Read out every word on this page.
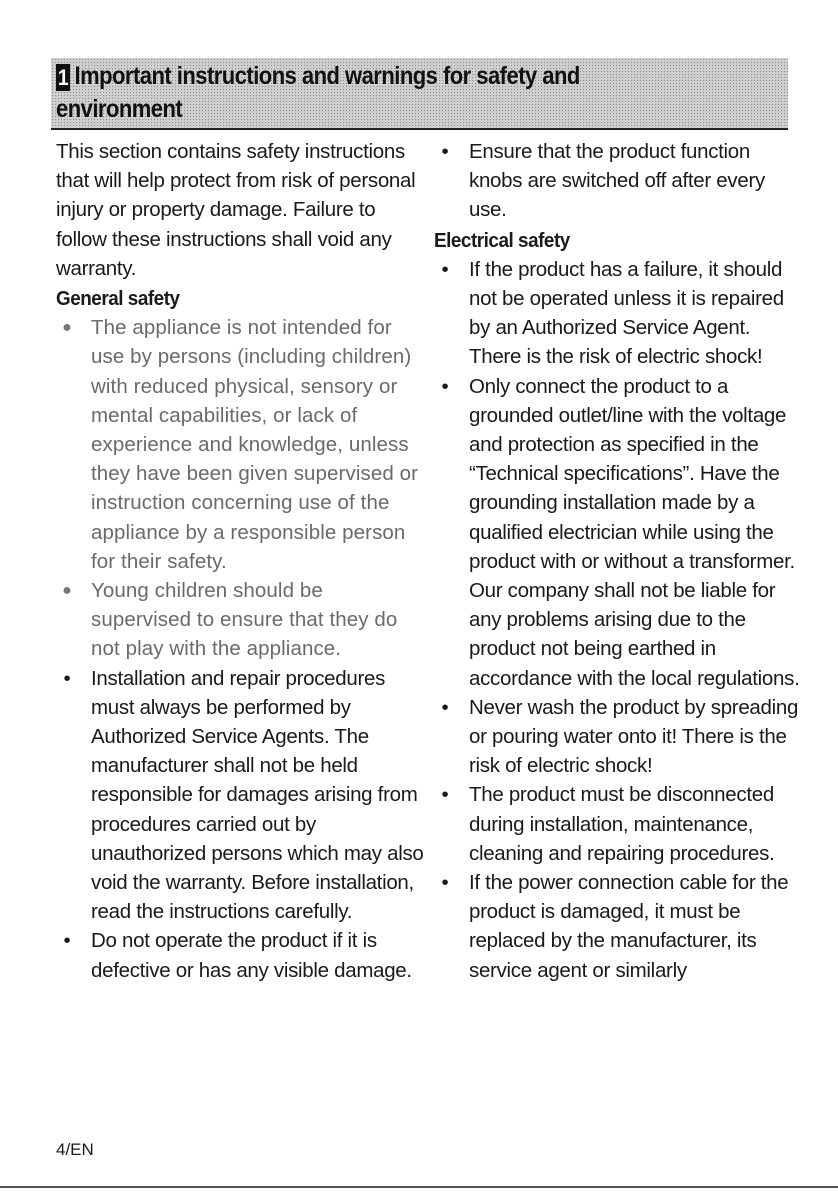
1 Important instructions and warnings for safety and environment

This section contains safety instructions that will help protect from risk of personal injury or property damage. Failure to follow these instructions shall void any warranty.

General safety
● The appliance is not intended for use by persons (including children) with reduced physical, sensory or mental capabilities, or lack of experience and knowledge, unless they have been given supervised or instruction concerning use of the appliance by a responsible person for their safety.
● Young children should be supervised to ensure that they do not play with the appliance.
• Installation and repair procedures must always be performed by Authorized Service Agents. The manufacturer shall not be held responsible for damages arising from procedures carried out by unauthorized persons which may also void the warranty. Before installation, read the instructions carefully.
• Do not operate the product if it is defective or has any visible damage.
• Ensure that the product function knobs are switched off after every use.
Electrical safety
• If the product has a failure, it should not be operated unless it is repaired by an Authorized Service Agent. There is the risk of electric shock!
• Only connect the product to a grounded outlet/line with the voltage and protection as specified in the “Technical specifications”. Have the grounding installation made by a qualified electrician while using the product with or without a transformer. Our company shall not be liable for any problems arising due to the product not being earthed in accordance with the local regulations.
• Never wash the product by spreading or pouring water onto it! There is the risk of electric shock!
• The product must be disconnected during installation, maintenance, cleaning and repairing procedures.
• If the power connection cable for the product is damaged, it must be replaced by the manufacturer, its service agent or similarly
4/EN
